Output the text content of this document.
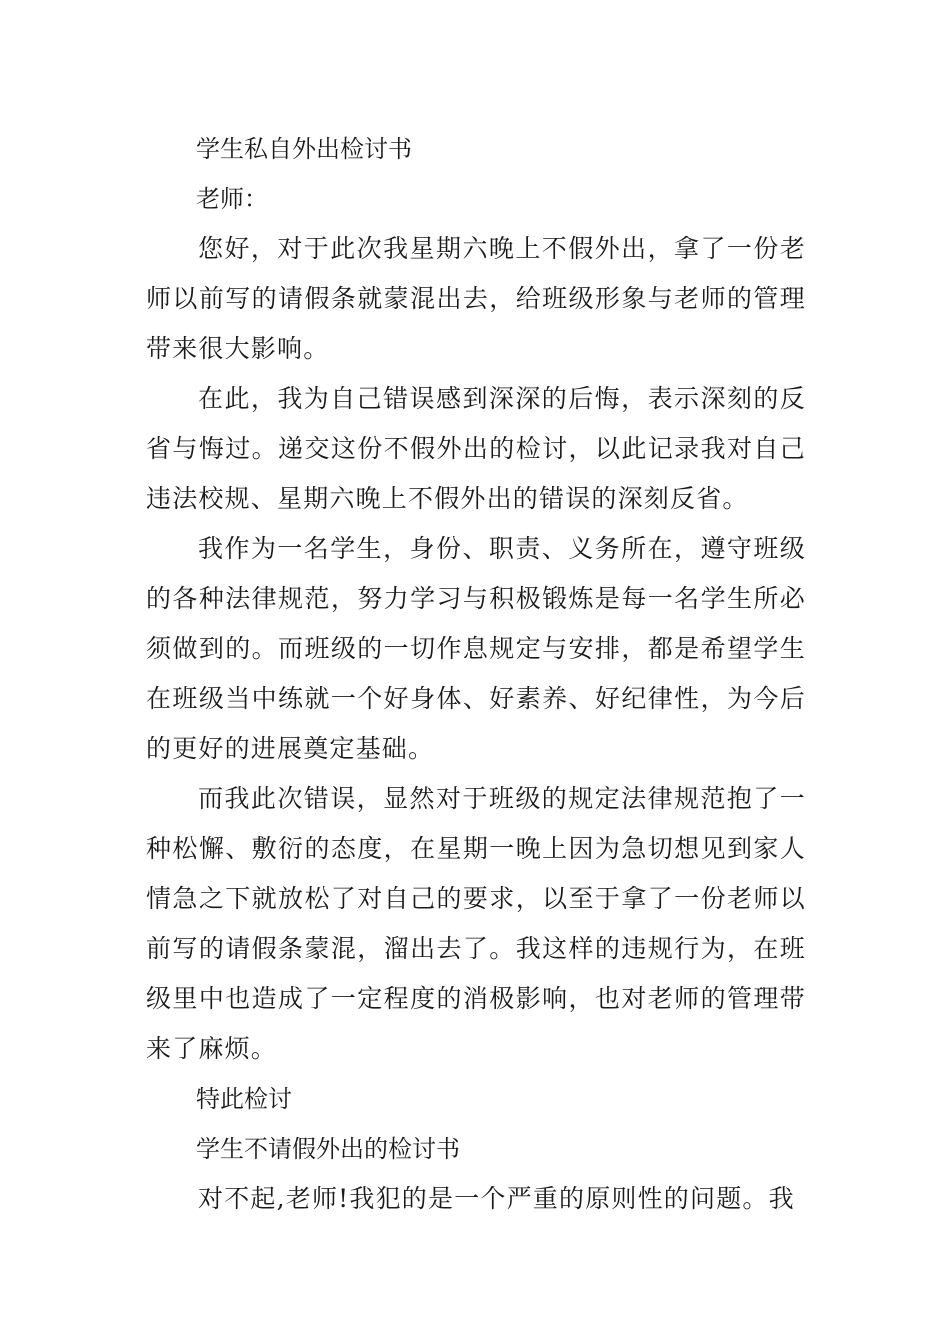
学生私自外出检讨书

老师：

您好，对于此次我星期六晚上不假外出，拿了一份老师以前写的请假条就蒙混出去，给班级形象与老师的管理带来很大影响。

在此，我为自己错误感到深深的后悔，表示深刻的反省与悔过。递交这份不假外出的检讨，以此记录我对自己违法校规、星期六晚上不假外出的错误的深刻反省。

我作为一名学生，身份、职责、义务所在，遵守班级的各种法律规范，努力学习与积极锻炼是每一名学生所必须做到的。而班级的一切作息规定与安排，都是希望学生在班级当中练就一个好身体、好素养、好纪律性，为今后的更好的进展奠定基础。

而我此次错误，显然对于班级的规定法律规范抱了一种松懈、敷衍的态度，在星期一晚上因为急切想见到家人情急之下就放松了对自己的要求，以至于拿了一份老师以前写的请假条蒙混，溜出去了。我这样的违规行为，在班级里中也造成了一定程度的消极影响，也对老师的管理带来了麻烦。

特此检讨

学生不请假外出的检讨书

对不起,老师!我犯的是一个严重的原则性的问题。我
